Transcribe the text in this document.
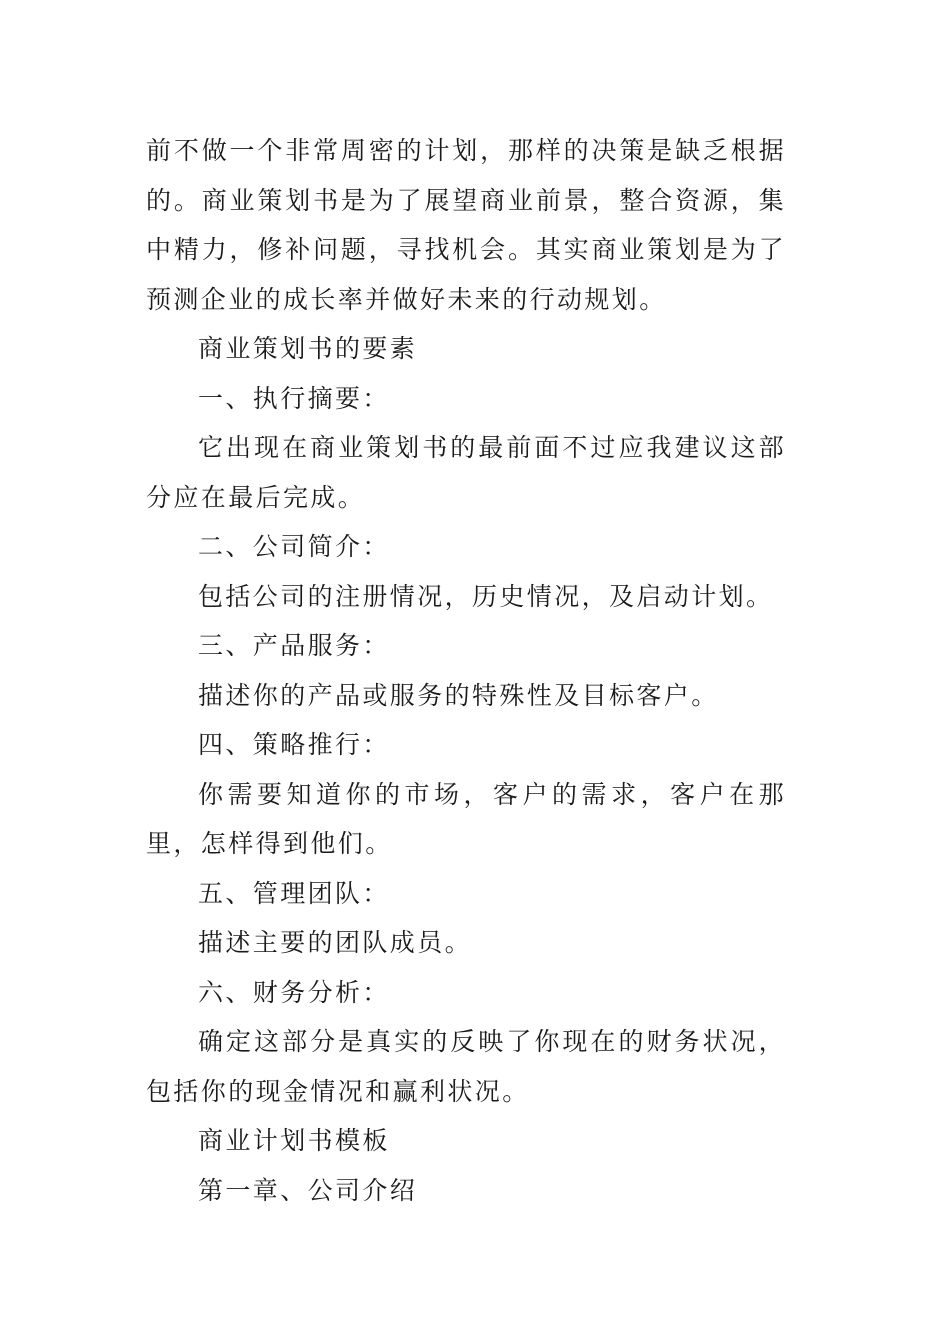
前不做一个非常周密的计划，那样的决策是缺乏根据的。商业策划书是为了展望商业前景，整合资源，集中精力，修补问题，寻找机会。其实商业策划是为了预测企业的成长率并做好未来的行动规划。

商业策划书的要素

一、执行摘要：

它出现在商业策划书的最前面不过应我建议这部分应在最后完成。

二、公司简介：

包括公司的注册情况，历史情况，及启动计划。

三、产品服务：

描述你的产品或服务的特殊性及目标客户。

四、策略推行：

你需要知道你的市场，客户的需求，客户在那里，怎样得到他们。

五、管理团队：

描述主要的团队成员。

六、财务分析：

确定这部分是真实的反映了你现在的财务状况，包括你的现金情况和赢利状况。

商业计划书模板

第一章、公司介绍
